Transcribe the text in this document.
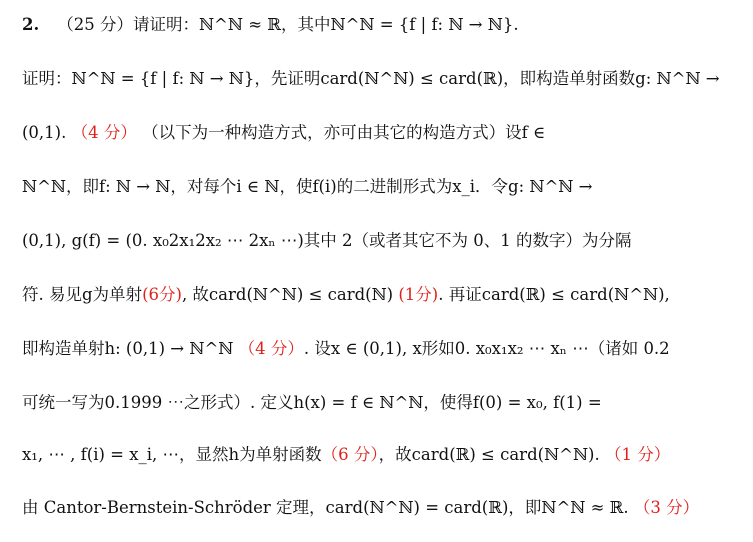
2. （25 分）请证明：ℕ^ℕ ≈ ℝ，其中ℕ^ℕ = {f | f: ℕ → ℕ}.
证明：ℕ^ℕ = {f | f: ℕ → ℕ}，先证明card(ℕ^ℕ) ≤ card(ℝ)，即构造单射函数g: ℕ^ℕ →
(0,1). （4 分） （以下为一种构造方式，亦可由其它的构造方式）设f ∈
ℕ^ℕ，即f: ℕ → ℕ，对每个i ∈ ℕ，使f(i)的二进制形式为x_i．令g: ℕ^ℕ →
(0,1), g(f) = (0. x₀2x₁2x₂ ⋯ 2xₙ ⋯)其中 2（或者其它不为 0、1 的数字）为分隔
符. 易见g为单射(6分), 故card(ℕ^ℕ) ≤ card(ℕ) (1分). 再证card(ℝ) ≤ card(ℕ^ℕ),
即构造单射h: (0,1) → ℕ^ℕ （4 分）. 设x ∈ (0,1), x形如0. x₀x₁x₂ ⋯ xₙ ⋯（诸如 0.2
可统一写为0.1999 ⋯之形式）. 定义h(x) = f ∈ ℕ^ℕ，使得f(0) = x₀, f(1) =
x₁, ⋯ , f(i) = x_i, ⋯，显然h为单射函数（6 分），故card(ℝ) ≤ card(ℕ^ℕ). （1 分）
由 Cantor-Bernstein-Schröder 定理，card(ℕ^ℕ) = card(ℝ)，即ℕ^ℕ ≈ ℝ. （3 分）
